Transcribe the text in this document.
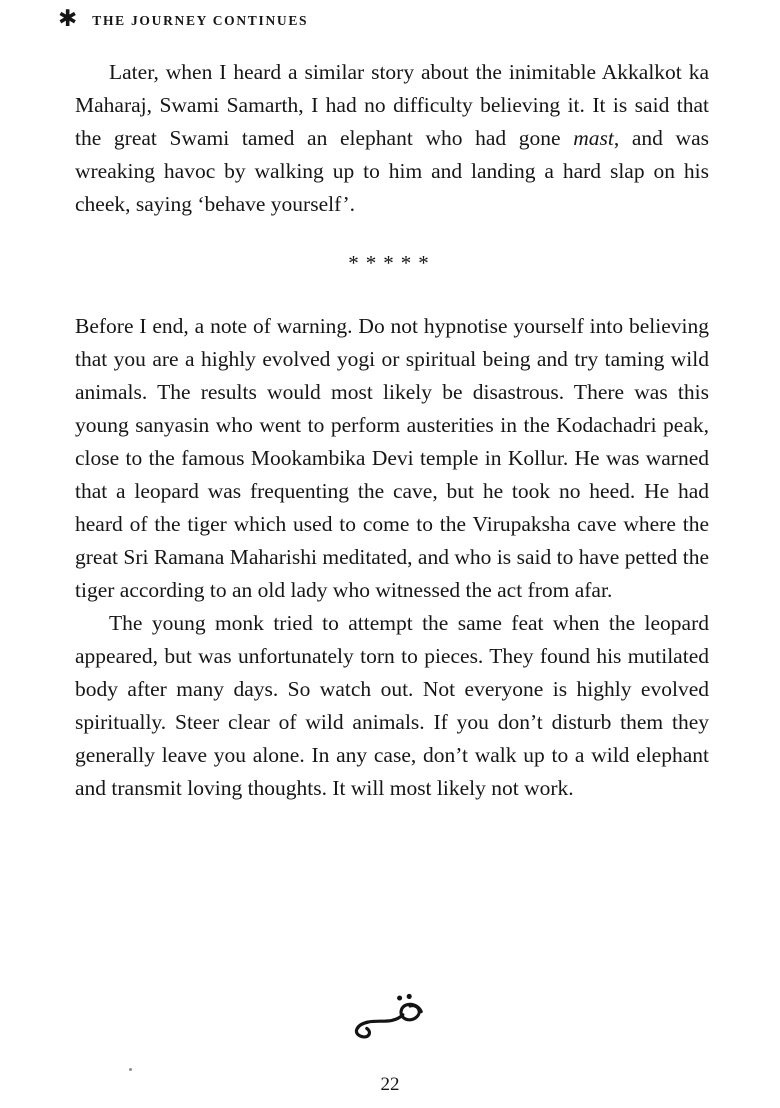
✱ THE JOURNEY CONTINUES

Later, when I heard a similar story about the inimitable Akkalkot ka Maharaj, Swami Samarth, I had no difficulty believing it. It is said that the great Swami tamed an elephant who had gone mast, and was wreaking havoc by walking up to him and landing a hard slap on his cheek, saying ‘behave yourself’.

*****

Before I end, a note of warning. Do not hypnotise yourself into believing that you are a highly evolved yogi or spiritual being and try taming wild animals. The results would most likely be disastrous. There was this young sanyasin who went to perform austerities in the Kodachadri peak, close to the famous Mookambika Devi temple in Kollur. He was warned that a leopard was frequenting the cave, but he took no heed. He had heard of the tiger which used to come to the Virupaksha cave where the great Sri Ramana Maharishi meditated, and who is said to have petted the tiger according to an old lady who witnessed the act from afar.

The young monk tried to attempt the same feat when the leopard appeared, but was unfortunately torn to pieces. They found his mutilated body after many days. So watch out. Not everyone is highly evolved spiritually. Steer clear of wild animals. If you don’t disturb them they generally leave you alone. In any case, don’t walk up to a wild elephant and transmit loving thoughts. It will most likely not work.

22
